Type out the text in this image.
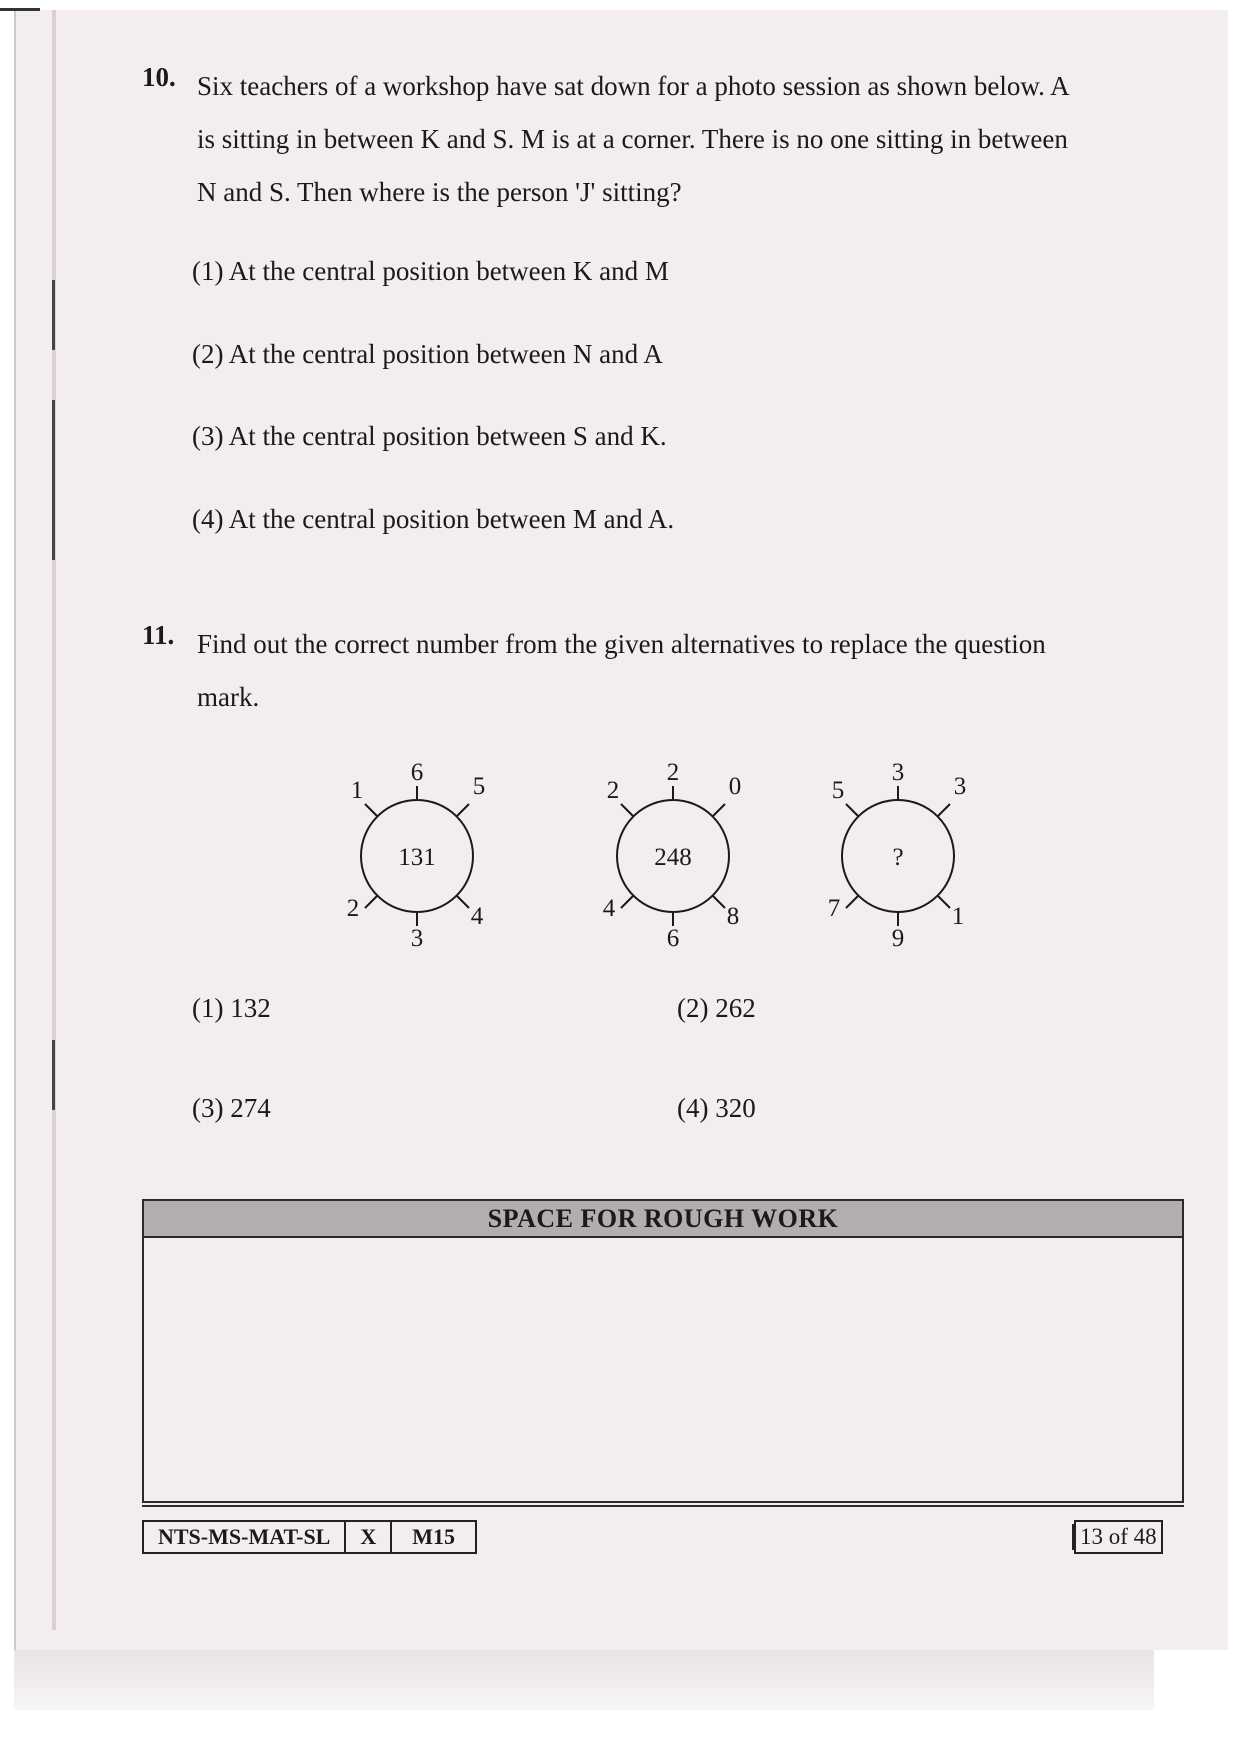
10. Six teachers of a workshop have sat down for a photo session as shown below. A
is sitting in between K and S. M is at a corner. There is no one sitting in between
N and S. Then where is the person 'J' sitting?
(1) At the central position between K and M
(2) At the central position between N and A
(3) At the central position between S and K.
(4) At the central position between M and A.
11. Find out the correct number from the given alternatives to replace the question
mark.
131
6
1	5
2
3
4
248
2
2	0
4
6
8
?
3
5	3
7
9
1
(1) 132	(2) 262
(3) 274	(4) 320
SPACE FOR ROUGH WORK
NTS-MS-MAT-SL	X	M15	13 of 48
